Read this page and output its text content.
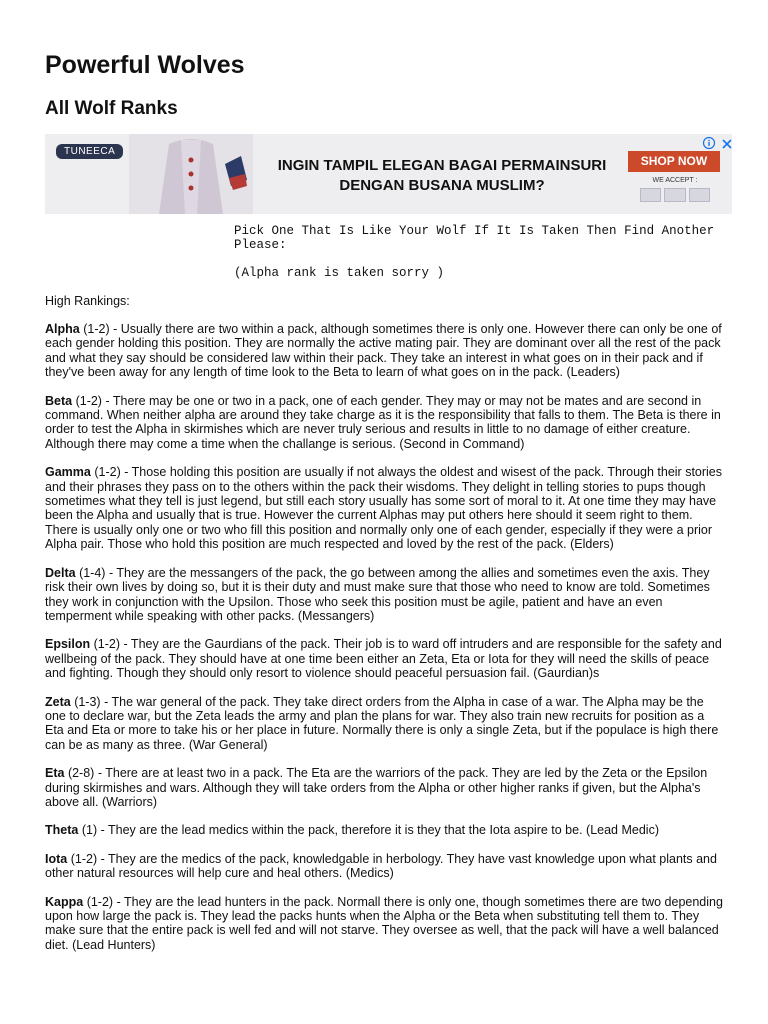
Powerful Wolves
All Wolf Ranks
TUNEECA
INGIN TAMPIL ELEGAN BAGAI PERMAINSURI
DENGAN BUSANA MUSLIM?
SHOP NOW
WE ACCEPT :

Pick One That Is Like Your Wolf If It Is Taken Then Find Another Please:

(Alpha rank is taken sorry )

High Rankings:

Alpha (1-2) - Usually there are two within a pack, although sometimes there is only one. However there can only be one of each gender holding this position. They are normally the active mating pair. They are dominant over all the rest of the pack and what they say should be considered law within their pack. They take an interest in what goes on in their pack and if they've been away for any length of time look to the Beta to learn of what goes on in the pack. (Leaders)
Beta (1-2) - There may be one or two in a pack, one of each gender. They may or may not be mates and are second in command. When neither alpha are around they take charge as it is the responsibility that falls to them. The Beta is there in order to test the Alpha in skirmishes which are never truly serious and results in little to no damage of either creature. Although there may come a time when the challange is serious. (Second in Command)
Gamma (1-2) - Those holding this position are usually if not always the oldest and wisest of the pack. Through their stories and their phrases they pass on to the others within the pack their wisdoms. They delight in telling stories to pups though sometimes what they tell is just legend, but still each story usually has some sort of moral to it. At one time they may have been the Alpha and usually that is true. However the current Alphas may put others here should it seem right to them. There is usually only one or two who fill this position and normally only one of each gender, especially if they were a prior Alpha pair. Those who hold this position are much respected and loved by the rest of the pack. (Elders)
Delta (1-4) - They are the messangers of the pack, the go between among the allies and sometimes even the axis. They risk their own lives by doing so, but it is their duty and must make sure that those who need to know are told. Sometimes they work in conjunction with the Upsilon. Those who seek this position must be agile, patient and have an even temperment while speaking with other packs. (Messangers)
Epsilon (1-2) - They are the Gaurdians of the pack. Their job is to ward off intruders and are responsible for the safety and wellbeing of the pack. They should have at one time been either an Zeta, Eta or Iota for they will need the skills of peace and fighting. Though they should only resort to violence should peaceful persuasion fail. (Gaurdian)s
Zeta (1-3) - The war general of the pack. They take direct orders from the Alpha in case of a war. The Alpha may be the one to declare war, but the Zeta leads the army and plan the plans for war. They also train new recruits for position as a Eta and Eta or more to take his or her place in future. Normally there is only a single Zeta, but if the populace is high there can be as many as three. (War General)
Eta (2-8) - There are at least two in a pack. The Eta are the warriors of the pack. They are led by the Zeta or the Epsilon during skirmishes and wars. Although they will take orders from the Alpha or other higher ranks if given, but the Alpha's above all. (Warriors)
Theta (1) - They are the lead medics within the pack, therefore it is they that the Iota aspire to be. (Lead Medic)
Iota (1-2) - They are the medics of the pack, knowledgable in herbology. They have vast knowledge upon what plants and other natural resources will help cure and heal others. (Medics)
Kappa (1-2) - They are the lead hunters in the pack. Normall there is only one, though sometimes there are two depending upon how large the pack is. They lead the packs hunts when the Alpha or the Beta when substituting tell them to. They make sure that the entire pack is well fed and will not starve. They oversee as well, that the pack will have a well balanced diet. (Lead Hunters)
